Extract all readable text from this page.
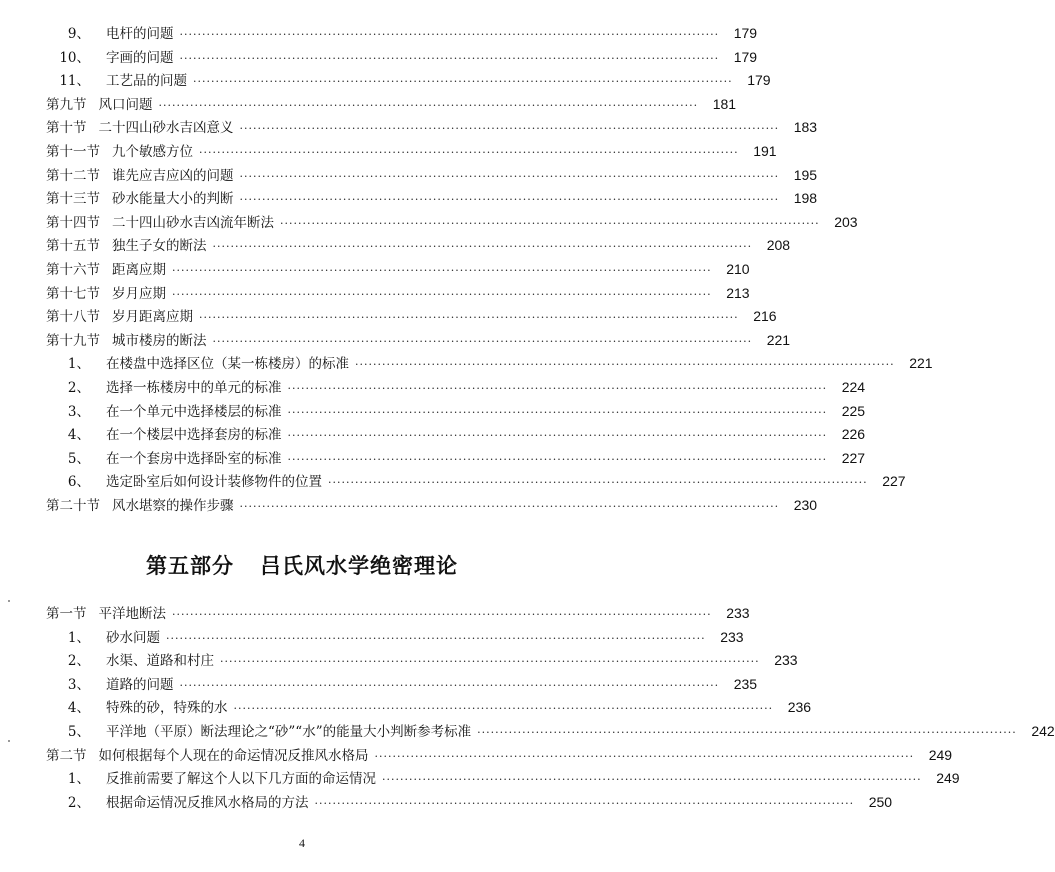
9、 电杆的问题 ························································································································	179
10、 字画的问题 ························································································································	179
11、 工艺品的问题 ························································································································	179
第九节 风口问题 ························································································································	181
第十节 二十四山砂水吉凶意义 ························································································································	183
第十一节 九个敏感方位 ························································································································	191
第十二节 谁先应吉应凶的问题 ························································································································	195
第十三节 砂水能量大小的判断 ························································································································	198
第十四节 二十四山砂水吉凶流年断法 ························································································································	203
第十五节 独生子女的断法 ························································································································	208
第十六节 距离应期 ························································································································	210
第十七节 岁月应期 ························································································································	213
第十八节 岁月距离应期 ························································································································	216
第十九节 城市楼房的断法 ························································································································	221
1、 在楼盘中选择区位（某一栋楼房）的标准 ························································································································	221
2、 选择一栋楼房中的单元的标准 ························································································································	224
3、 在一个单元中选择楼层的标准 ························································································································	225
4、 在一个楼层中选择套房的标准 ························································································································	226
5、 在一个套房中选择卧室的标准 ························································································································	227
6、 选定卧室后如何设计装修物件的位置 ························································································································	227
第二十节 风水堪察的操作步骤 ························································································································	230
第五部分 吕氏风水学绝密理论
第一节 平洋地断法 ························································································································	233
1、 砂水问题 ························································································································	233
2、 水渠、道路和村庄 ························································································································	233
3、 道路的问题 ························································································································	235
4、 特殊的砂，特殊的水 ························································································································	236
5、 平洋地（平原）断法理论之“砂”“水”的能量大小判断参考标准 ························································································································	242
第二节 如何根据每个人现在的命运情况反推风水格局 ························································································································	249
1、 反推前需要了解这个人以下几方面的命运情况 ························································································································	249
2、 根据命运情况反推风水格局的方法 ························································································································	250
4
